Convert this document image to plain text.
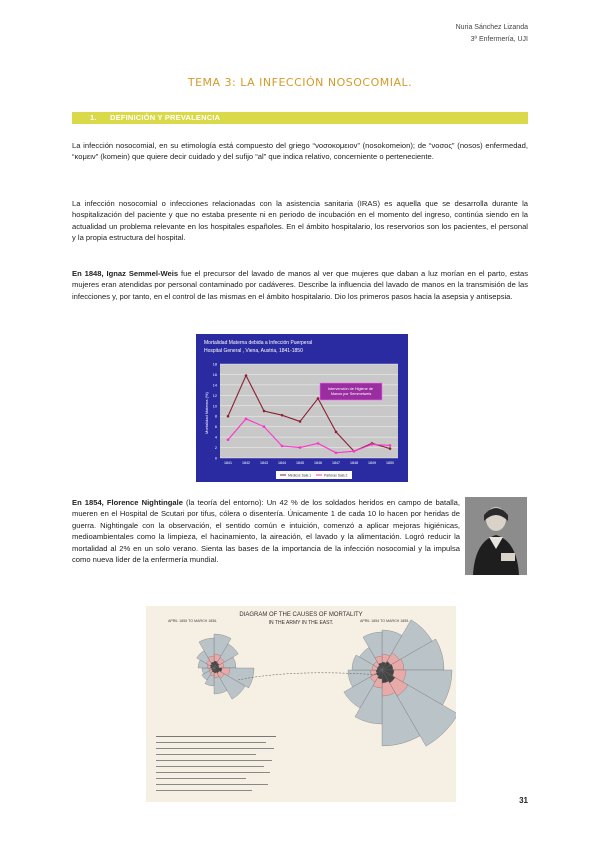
Nuria Sánchez Lizanda
3º Enfermería, UJI
TEMA 3: LA INFECCIÓN NOSOCOMIAL.
1. DEFINICIÓN Y PREVALENCIA
La infección nosocomial, en su etimología está compuesto del griego “νοσοκομειον” (nosokomeion); de “νοσος” (nosos) enfermedad, “κομειν” (komein) que quiere decir cuidado y del sufijo “al” que indica relativo, concerniente o perteneciente.
La infección nosocomial o infecciones relacionadas con la asistencia sanitaria (IRAS) es aquella que se desarrolla durante la hospitalización del paciente y que no estaba presente ni en periodo de incubación en el momento del ingreso, continúa siendo en la actualidad un problema relevante en los hospitales españoles. En el ámbito hospitalario, los reservorios son los pacientes, el personal y la propia estructura del hospital.
En 1848, Ignaz Semmel-Weis fue el precursor del lavado de manos al ver que mujeres que daban a luz morían en el parto, estas mujeres eran atendidas por personal contaminado por cadáveres. Describe la influencia del lavado de manos en la transmisión de las infecciones y, por tanto, en el control de las mismas en el ámbito hospitalario. Dio los primeros pasos hacia la asepsia y antisepsia.
Mortalidad Materna debida a Infección Puerperal
Hospital General , Viena, Austria, 1841-1850
Mortalidad Materna (%)
0
2
4
6
8
10
12
14
16
18
1841	1842	1843	1844	1845	1846	1847	1848	1849	1850
Intervención de Higiene de Manos por Semmelweis
Médicos Sala 1	Parteras Sala 2
En 1854, Florence Nightingale (la teoría del entorno): Un 42 % de los soldados heridos en campo de batalla, mueren en el Hospital de Scutari por tifus, cólera o disentería. Únicamente 1 de cada 10 lo hacen por heridas de guerra. Nightingale con la observación, el sentido común e intuición, comenzó a aplicar mejoras higiénicas, medioambientales como la limpieza, el hacinamiento, la aireación, el lavado y la alimentación. Logró reducir la mortalidad al 2% en un solo verano. Sienta las bases de la importancia de la infección nosocomial y la impulsa como nueva líder de la enfermería mundial.
DIAGRAM OF THE CAUSES OF MORTALITY
IN THE ARMY IN THE EAST.
APRIL 1855 TO MARCH 1856.	APRIL 1854 TO MARCH 1855.
31
